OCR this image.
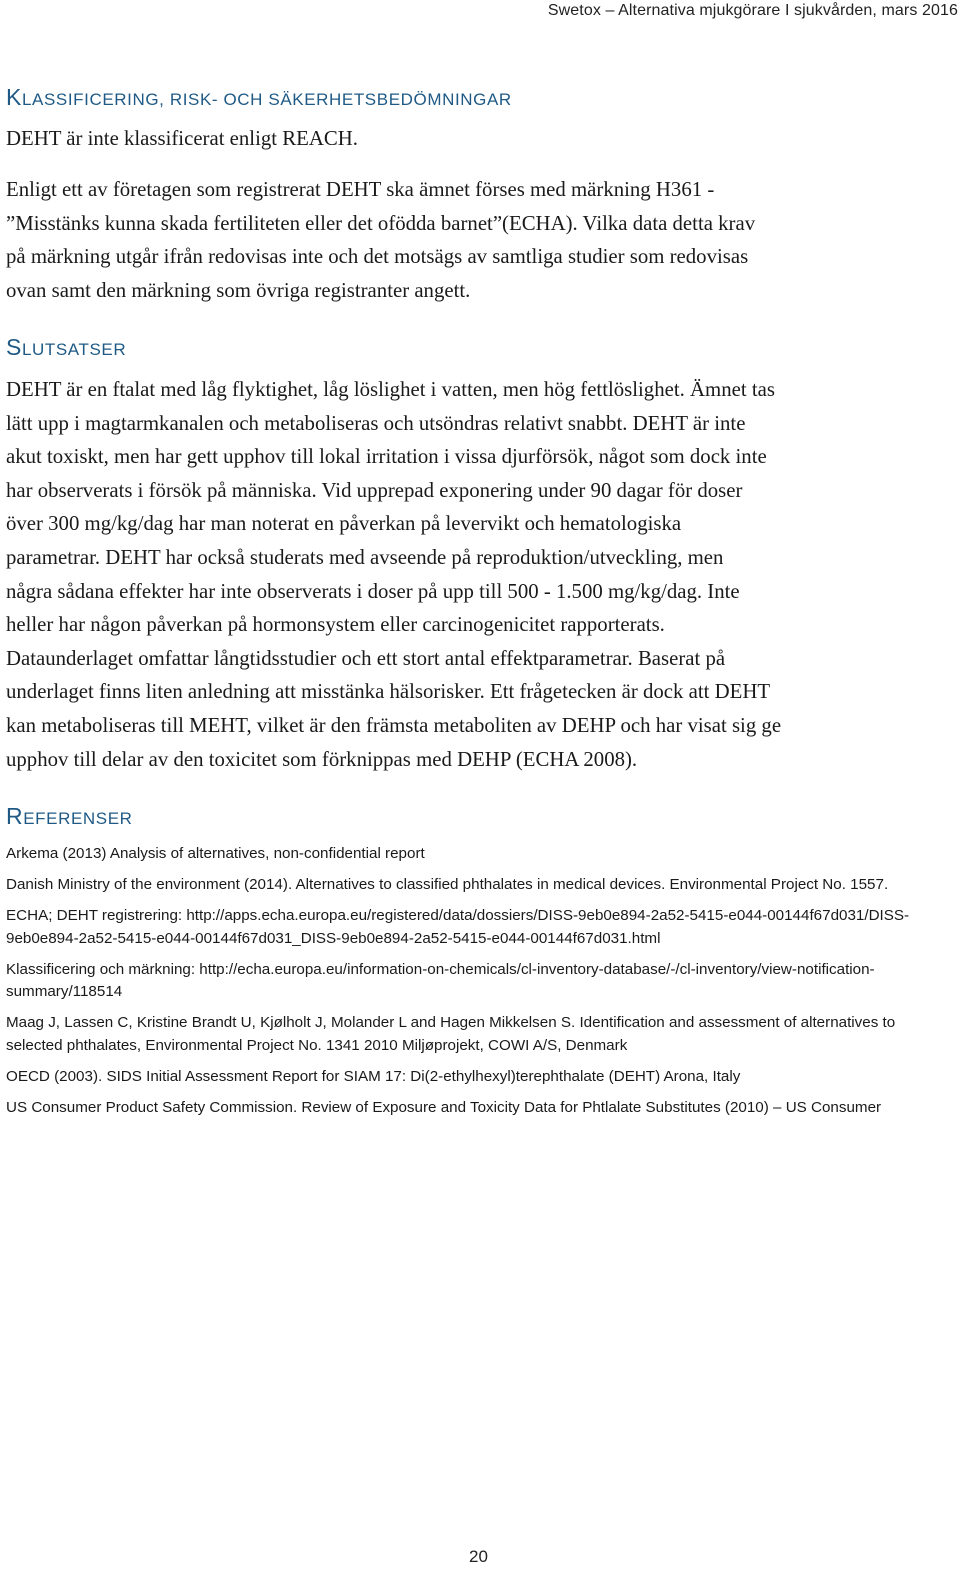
Swetox – Alternativa mjukgörare I sjukvården, mars 2016
KLASSIFICERING, RISK- OCH SÄKERHETSBEDÖMNINGAR

DEHT är inte klassificerat enligt REACH.

Enligt ett av företagen som registrerat DEHT ska ämnet förses med märkning H361 -
”Misstänks kunna skada fertiliteten eller det ofödda barnet”(ECHA). Vilka data detta krav
på märkning utgår ifrån redovisas inte och det motsägs av samtliga studier som redovisas
ovan samt den märkning som övriga registranter angett.

SLUTSATSER

DEHT är en ftalat med låg flyktighet, låg löslighet i vatten, men hög fettlöslighet. Ämnet tas
lätt upp i magtarmkanalen och metaboliseras och utsöndras relativt snabbt. DEHT är inte
akut toxiskt, men har gett upphov till lokal irritation i vissa djurförsök, något som dock inte
har observerats i försök på människa. Vid upprepad exponering under 90 dagar för doser
över 300 mg/kg/dag har man noterat en påverkan på levervikt och hematologiska
parametrar. DEHT har också studerats med avseende på reproduktion/utveckling, men
några sådana effekter har inte observerats i doser på upp till 500 - 1.500 mg/kg/dag. Inte
heller har någon påverkan på hormonsystem eller carcinogenicitet rapporterats.
Dataunderlaget omfattar långtidsstudier och ett stort antal effektparametrar. Baserat på
underlaget finns liten anledning att misstänka hälsorisker. Ett frågetecken är dock att DEHT
kan metaboliseras till MEHT, vilket är den främsta metaboliten av DEHP och har visat sig ge
upphov till delar av den toxicitet som förknippas med DEHP (ECHA 2008).

REFERENSER

Arkema (2013) Analysis of alternatives, non-confidential report

Danish Ministry of the environment (2014). Alternatives to classified phthalates in medical devices. Environmental Project No. 1557.

ECHA; DEHT registrering: http://apps.echa.europa.eu/registered/data/dossiers/DISS-9eb0e894-2a52-5415-e044-00144f67d031/DISS-9eb0e894-2a52-5415-e044-00144f67d031_DISS-9eb0e894-2a52-5415-e044-00144f67d031.html

Klassificering och märkning: http://echa.europa.eu/information-on-chemicals/cl-inventory-database/-/cl-inventory/view-notification-summary/118514

Maag J, Lassen C, Kristine Brandt U, Kjølholt J, Molander L and Hagen Mikkelsen S. Identification and assessment of alternatives to selected phthalates, Environmental Project No. 1341 2010 Miljøprojekt, COWI A/S, Denmark

OECD (2003). SIDS Initial Assessment Report for SIAM 17: Di(2-ethylhexyl)terephthalate (DEHT) Arona, Italy

US Consumer Product Safety Commission. Review of Exposure and Toxicity Data for Phtlalate Substitutes (2010) – US Consumer

20
